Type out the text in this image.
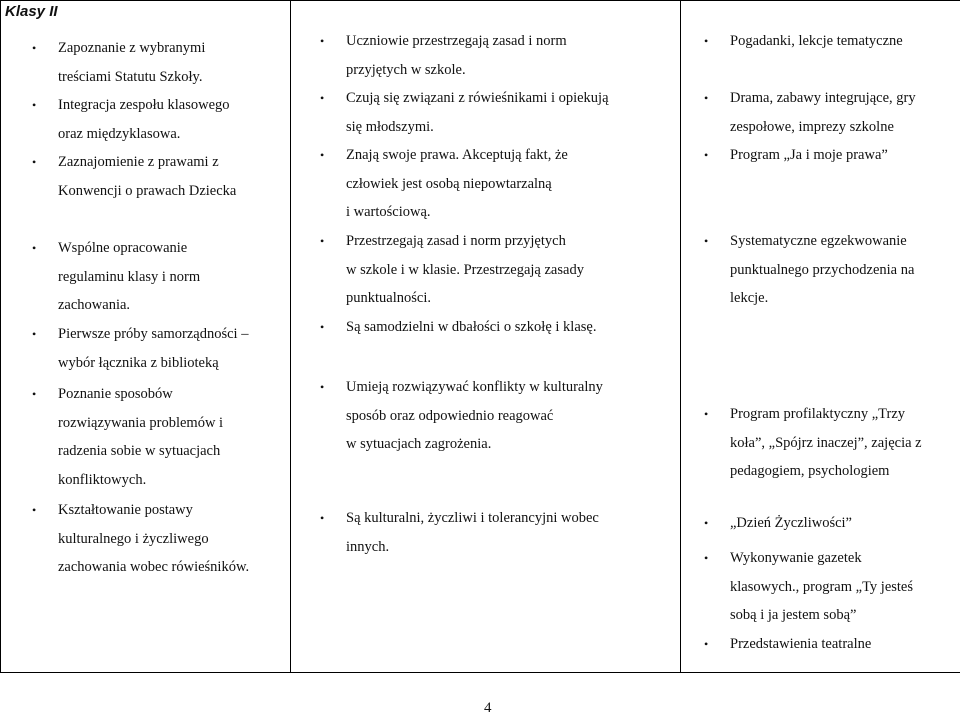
Klasy II
• Zapoznanie z wybranymi
treściami Statutu Szkoły.
• Integracja zespołu klasowego
oraz międzyklasowa.
• Zaznajomienie z prawami z
Konwencji o prawach Dziecka
• Wspólne opracowanie
regulaminu klasy i norm
zachowania.
• Pierwsze próby samorządności –
wybór łącznika z biblioteką
• Poznanie sposobów
rozwiązywania problemów i
radzenia sobie w sytuacjach
konfliktowych.
• Kształtowanie postawy
kulturalnego i życzliwego
zachowania wobec rówieśników.
• Uczniowie przestrzegają zasad i norm
przyjętych w szkole.
• Czują się związani z rówieśnikami i opiekują
się młodszymi.
• Znają swoje prawa. Akceptują fakt, że
człowiek jest osobą niepowtarzalną
i wartościową.
• Przestrzegają zasad i norm przyjętych
w szkole i w klasie. Przestrzegają zasady
punktualności.
• Są samodzielni w dbałości o szkołę i klasę.
• Umieją rozwiązywać konflikty w kulturalny
sposób oraz odpowiednio reagować
w sytuacjach zagrożenia.
• Są kulturalni, życzliwi i tolerancyjni wobec
innych.
• Pogadanki, lekcje tematyczne
• Drama, zabawy integrujące, gry
zespołowe, imprezy szkolne
• Program „Ja i moje prawa”
• Systematyczne egzekwowanie
punktualnego przychodzenia na
lekcje.
• Program profilaktyczny „Trzy
koła”, „Spójrz inaczej”, zajęcia z
pedagogiem, psychologiem
• „Dzień Życzliwości”
• Wykonywanie gazetek
klasowych., program „Ty jesteś
sobą i ja jestem sobą”
• Przedstawienia teatralne
4
